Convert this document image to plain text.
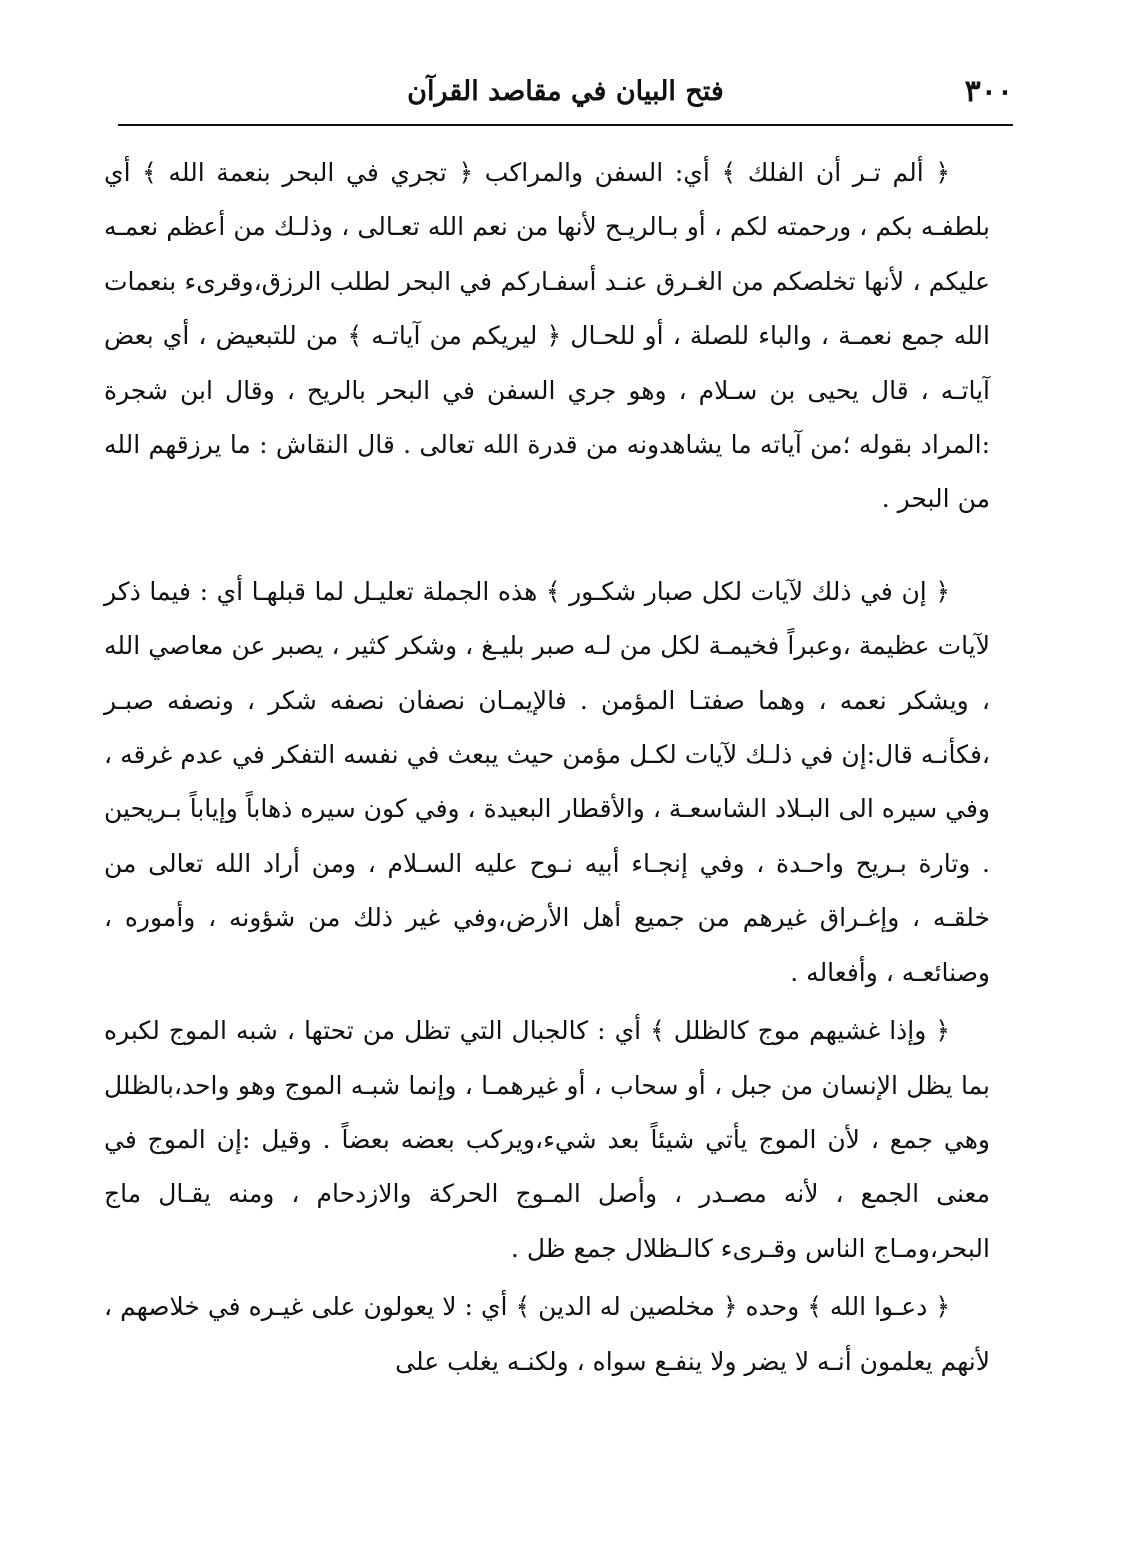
٣٠٠
فتح البيان في مقاصد القرآن

﴿ ألم تـر أن الفلك ﴾ أي: السفن والمراكب ﴿ تجري في البحر بنعمة الله ﴾ أي بلطفـه بكم ، ورحمته لكم ، أو بـالريـح لأنها من نعم الله تعـالى ، وذلـك من أعظم نعمـه عليكم ، لأنها تخلصكم من الغـرق عنـد أسفـاركم في البحر لطلب الرزق،وقرىء بنعمات الله جمع نعمـة ، والباء للصلة ، أو للحـال ﴿ ليريكم من آياتـه ﴾ من للتبعيض ، أي بعض آياتـه ، قال يحيى بن سـلام ، وهو جري السفن في البحر بالريح ، وقال ابن شجرة :المراد بقوله ؛من آياته ما يشاهدونه من قدرة الله تعالى . قال النقاش : ما يرزقهم الله من البحر .

﴿ إن في ذلك لآيات لكل صبار شكـور ﴾ هذه الجملة تعليـل لما قبلهـا أي : فيما ذكر لآيات عظيمة ،وعبراً فخيمـة لكل من لـه صبر بليـغ ، وشكر كثير ، يصبر عن معاصي الله ، ويشكر نعمه ، وهما صفتـا المؤمن . فالإيمـان نصفان نصفه شكر ، ونصفه صبـر ،فكأنـه قال:إن في ذلـك لآيات لكـل مؤمن حيث يبعث في نفسه التفكر في عدم غرقه ، وفي سيره الى البـلاد الشاسعـة ، والأقطار البعيدة ، وفي كون سيره ذهاباً وإياباً بـريحين . وتارة بـريح واحـدة ، وفي إنجـاء أبيه نـوح عليه السـلام ، ومن أراد الله تعالى من خلقـه ، وإغـراق غيرهم من جميع أهل الأرض،وفي غير ذلك من شؤونه ، وأموره ، وصنائعـه ، وأفعاله .

﴿ وإذا غشيهم موج كالظلل ﴾ أي : كالجبال التي تظل من تحتها ، شبه الموج لكبره بما يظل الإنسان من جبل ، أو سحاب ، أو غيرهمـا ، وإنما شبـه الموج وهو واحد،بالظلل وهي جمع ، لأن الموج يأتي شيئاً بعد شيء،ويركب بعضه بعضاً . وقيل :إن الموج في معنى الجمع ، لأنه مصـدر ، وأصل المـوج الحركة والازدحام ، ومنه يقـال ماج البحر،ومـاج الناس وقـرىء كالـظلال جمع ظل .

﴿ دعـوا الله ﴾ وحده ﴿ مخلصين له الدين ﴾ أي : لا يعولون على غيـره في خلاصهم ، لأنهم يعلمون أنـه لا يضر ولا ينفـع سواه ، ولكنـه يغلب على
